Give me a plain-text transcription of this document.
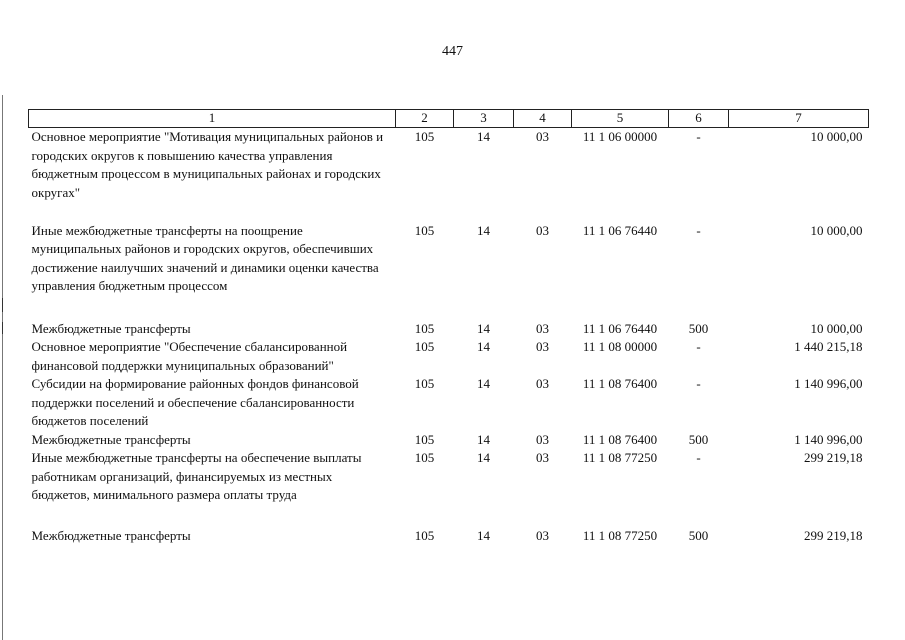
447
1	2	3	4	5	6	7
Основное мероприятие "Мотивация муниципальных районов и городских округов к повышению качества управления бюджетным процессом в муниципальных районах и городских округах"	105	14	03	11 1 06 00000	-	10 000,00
Иные межбюджетные трансферты на поощрение муниципальных районов и городских округов, обеспечивших достижение наилучших значений и динамики оценки качества управления бюджетным процессом	105	14	03	11 1 06 76440	-	10 000,00
Межбюджетные трансферты	105	14	03	11 1 06 76440	500	10 000,00
Основное мероприятие "Обеспечение сбалансированной финансовой поддержки муниципальных образований"	105	14	03	11 1 08 00000	-	1 440 215,18
Субсидии на формирование районных фондов финансовой поддержки поселений и обеспечение сбалансированности бюджетов поселений	105	14	03	11 1 08 76400	-	1 140 996,00
Межбюджетные трансферты	105	14	03	11 1 08 76400	500	1 140 996,00
Иные межбюджетные трансферты на обеспечение выплаты работникам организаций, финансируемых из местных бюджетов, минимального размера оплаты труда	105	14	03	11 1 08 77250	-	299 219,18
Межбюджетные трансферты	105	14	03	11 1 08 77250	500	299 219,18
